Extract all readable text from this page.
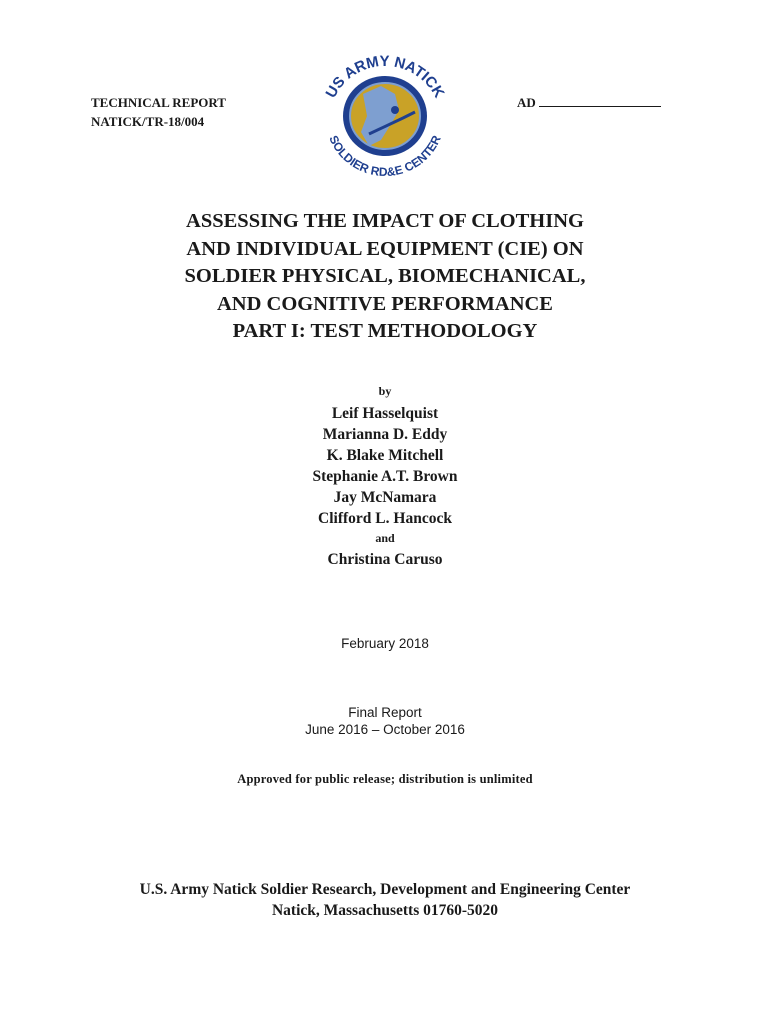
TECHNICAL REPORT
NATICK/TR-18/004
AD
US ARMY NATICK
SOLDIER RD&E CENTER
ASSESSING THE IMPACT OF CLOTHING
AND INDIVIDUAL EQUIPMENT (CIE) ON
SOLDIER PHYSICAL, BIOMECHANICAL,
AND COGNITIVE PERFORMANCE
PART I: TEST METHODOLOGY
by
Leif Hasselquist
Marianna D. Eddy
K. Blake Mitchell
Stephanie A.T. Brown
Jay McNamara
Clifford L. Hancock
and
Christina Caruso
February 2018
Final Report
June 2016 – October 2016
Approved for public release; distribution is unlimited
U.S. Army Natick Soldier Research, Development and Engineering Center
Natick, Massachusetts 01760-5020
